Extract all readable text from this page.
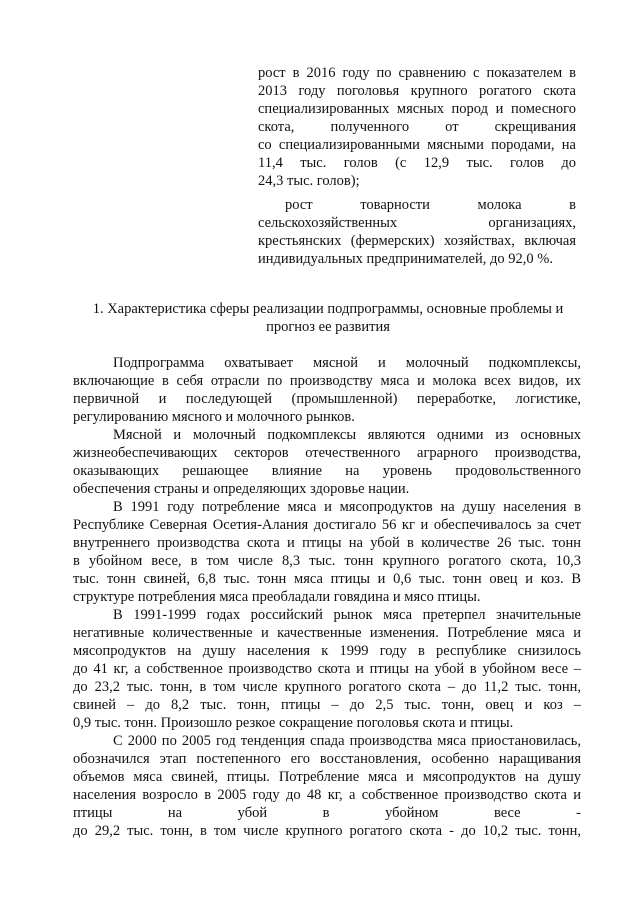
рост в 2016 году по сравнению с показателем в
2013 году поголовья крупного рогатого скота
специализированных мясных пород и помесного
скота, полученного от скрещивания
со специализированными мясными породами, на
11,4 тыс. голов (с 12,9 тыс. голов до
24,3 тыс. голов);
рост товарности молока в
сельскохозяйственных организациях,
крестьянских (фермерских) хозяйствах, включая
индивидуальных предпринимателей, до 92,0 %.
1. Характеристика сферы реализации подпрограммы, основные проблемы и
прогноз ее развития
Подпрограмма охватывает мясной и молочный подкомплексы,
включающие в себя отрасли по производству мяса и молока всех видов, их
первичной и последующей (промышленной) переработке, логистике,
регулированию мясного и молочного рынков.
Мясной и молочный подкомплексы являются одними из основных
жизнеобеспечивающих секторов отечественного аграрного производства,
оказывающих решающее влияние на уровень продовольственного
обеспечения страны и определяющих здоровье нации.
В 1991 году потребление мяса и мясопродуктов на душу населения в
Республике Северная Осетия-Алания достигало 56 кг и обеспечивалось за счет
внутреннего производства скота и птицы на убой в количестве 26 тыс. тонн
в убойном весе, в том числе 8,3 тыс. тонн крупного рогатого скота, 10,3
тыс. тонн свиней, 6,8 тыс. тонн мяса птицы и 0,6 тыс. тонн овец и коз. В
структуре потребления мяса преобладали говядина и мясо птицы.
В 1991-1999 годах российский рынок мяса претерпел значительные
негативные количественные и качественные изменения. Потребление мяса и
мясопродуктов на душу населения к 1999 году в республике снизилось
до 41 кг, а собственное производство скота и птицы на убой в убойном весе –
до 23,2 тыс. тонн, в том числе крупного рогатого скота – до 11,2 тыс. тонн,
свиней – до 8,2 тыс. тонн, птицы – до 2,5 тыс. тонн, овец и коз –
0,9 тыс. тонн. Произошло резкое сокращение поголовья скота и птицы.
С 2000 по 2005 год тенденция спада производства мяса приостановилась,
обозначился этап постепенного его восстановления, особенно наращивания
объемов мяса свиней, птицы. Потребление мяса и мясопродуктов на душу
населения возросло в 2005 году до 48 кг, а собственное производство скота и
птицы на убой в убойном весе -
до 29,2 тыс. тонн, в том числе крупного рогатого скота - до 10,2 тыс. тонн,
